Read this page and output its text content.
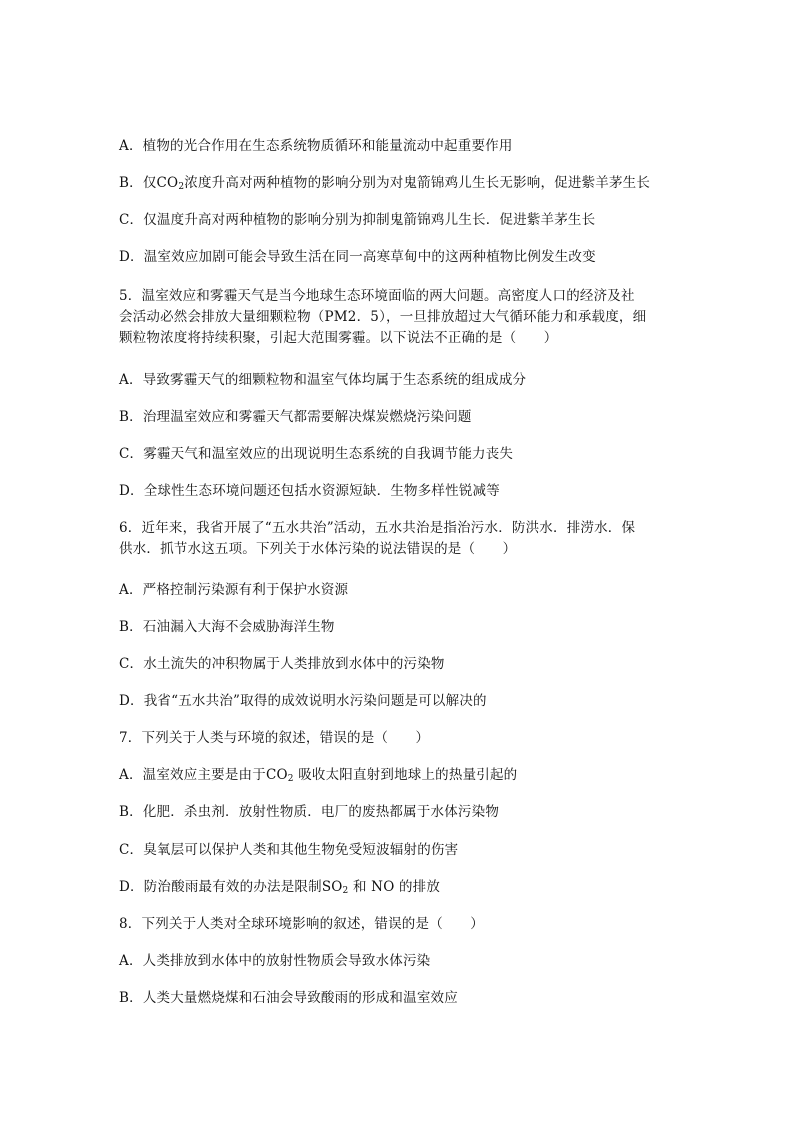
A．植物的光合作用在生态系统物质循环和能量流动中起重要作用
B．仅$CO_2$浓度升高对两种植物的影响分别为对鬼箭锦鸡儿生长无影响，促进紫羊茅生长
C．仅温度升高对两种植物的影响分别为抑制鬼箭锦鸡儿生长．促进紫羊茅生长
D．温室效应加剧可能会导致生活在同一高寒草甸中的这两种植物比例发生改变
5．温室效应和雾霾天气是当今地球生态环境面临的两大问题。高密度人口的经济及社
会活动必然会排放大量细颗粒物（PM2．5），一旦排放超过大气循环能力和承载度，细
颗粒物浓度将持续积聚，引起大范围雾霾。以下说法不正确的是（　　）
A．导致雾霾天气的细颗粒物和温室气体均属于生态系统的组成成分
B．治理温室效应和雾霾天气都需要解决煤炭燃烧污染问题
C．雾霾天气和温室效应的出现说明生态系统的自我调节能力丧失
D．全球性生态环境问题还包括水资源短缺．生物多样性锐减等
6．近年来，我省开展了“五水共治”活动，五水共治是指治污水．防洪水．排涝水．保
供水．抓节水这五项。下列关于水体污染的说法错误的是（　　）
A．严格控制污染源有利于保护水资源
B．石油漏入大海不会威胁海洋生物
C．水土流失的冲积物属于人类排放到水体中的污染物
D．我省“五水共治”取得的成效说明水污染问题是可以解决的
7．下列关于人类与环境的叙述，错误的是（　　）
A．温室效应主要是由于$CO_2$ 吸收太阳直射到地球上的热量引起的
B．化肥．杀虫剂．放射性物质．电厂的废热都属于水体污染物
C．臭氧层可以保护人类和其他生物免受短波辐射的伤害
D．防治酸雨最有效的办法是限制$SO_2$ 和 NO 的排放
8．下列关于人类对全球环境影响的叙述，错误的是（　　）
A．人类排放到水体中的放射性物质会导致水体污染
B．人类大量燃烧煤和石油会导致酸雨的形成和温室效应
